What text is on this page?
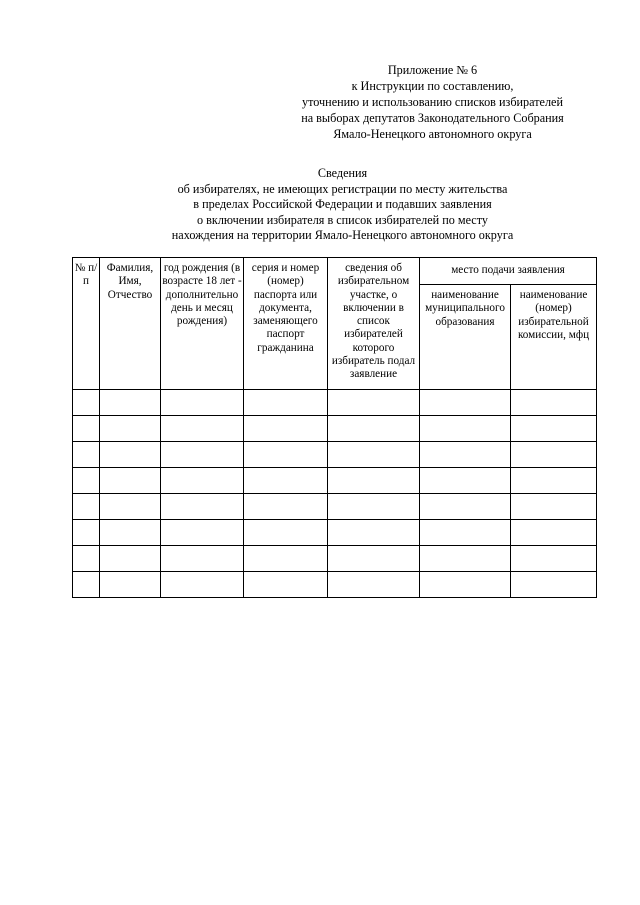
Приложение № 6
к Инструкции по составлению,
уточнению и использованию списков избирателей
на выборах депутатов Законодательного Собрания
Ямало-Ненецкого автономного округа
Сведения
об избирателях, не имеющих регистрации по месту жительства
в пределах Российской Федерации и подавших заявления
о включении избирателя в список избирателей по месту
нахождения на территории Ямало-Ненецкого автономного округа
№ п/п	Фамилия, Имя, Отчество	год рождения (в возрасте 18 лет - дополнительно день и месяц рождения)	серия и номер (номер) паспорта или документа, заменяющего паспорт гражданина	сведения об избирательном участке, о включении в список избирателей которого избиратель подал заявление	место подачи заявления	

					наименование муниципального образования	наименование (номер) избирательной комиссии, мфц
